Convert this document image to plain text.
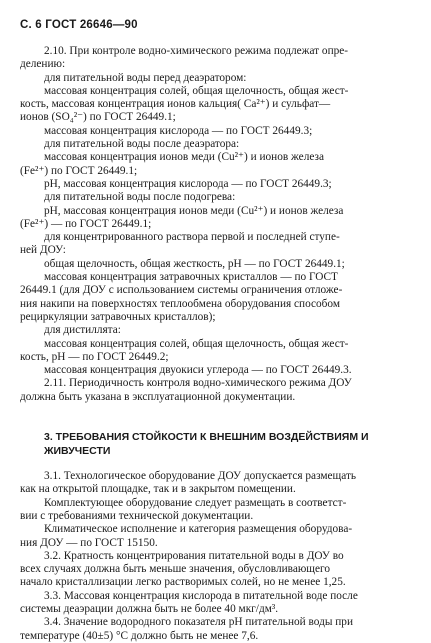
С. 6 ГОСТ 26646—90
2.10. При контроле водно-химического режима подлежат опре-
делению:
для питательной воды перед деаэратором:
массовая концентрация солей, общая щелочность, общая жест-
кость, массовая концентрация ионов кальция( Ca²⁺) и сульфат—
ионов (SO₄²⁻) по ГОСТ 26449.1;
массовая концентрация кислорода — по ГОСТ 26449.3;
для питательной воды после деаэратора:
массовая концентрация ионов меди (Cu²⁺) и ионов железа
(Fe²⁺) по ГОСТ 26449.1;
pH, массовая концентрация кислорода — по ГОСТ 26449.3;
для питательной воды после подогрева:
pH, массовая концентрация ионов меди (Cu²⁺) и ионов железа
(Fe²⁺) — по ГОСТ 26449.1;
для концентрированного раствора первой и последней ступе-
ней ДОУ:
общая щелочность, общая жесткость, pH — по ГОСТ 26449.1;
массовая концентрация затравочных кристаллов — по ГОСТ
26449.1 (для ДОУ с использованием системы ограничения отложе-
ния накипи на поверхностях теплообмена оборудования способом
рециркуляции затравочных кристаллов);
для дистиллята:
массовая концентрация солей, общая щелочность, общая жест-
кость, pH — по ГОСТ 26449.2;
массовая концентрация двуокиси углерода — по ГОСТ 26449.3.
2.11. Периодичность контроля водно-химического режима ДОУ
должна быть указана в эксплуатационной документации.
3. ТРЕБОВАНИЯ СТОЙКОСТИ К ВНЕШНИМ ВОЗДЕЙСТВИЯМ И
ЖИВУЧЕСТИ
3.1. Технологическое оборудование ДОУ допускается размещать
как на открытой площадке, так и в закрытом помещении.
Комплектующее оборудование следует размещать в соответст-
вии с требованиями технической документации.
Климатическое исполнение и категория размещения оборудова-
ния ДОУ — по ГОСТ 15150.
3.2. Кратность концентрирования питательной воды в ДОУ во
всех случаях должна быть меньше значения, обусловливающего
начало кристаллизации легко растворимых солей, но не менее 1,25.
3.3. Массовая концентрация кислорода в питательной воде после
системы деаэрации должна быть не более 40 мкг/дм³.
3.4. Значение водородного показателя pH питательной воды при
температуре (40±5) °С должно быть не менее 7,6.
